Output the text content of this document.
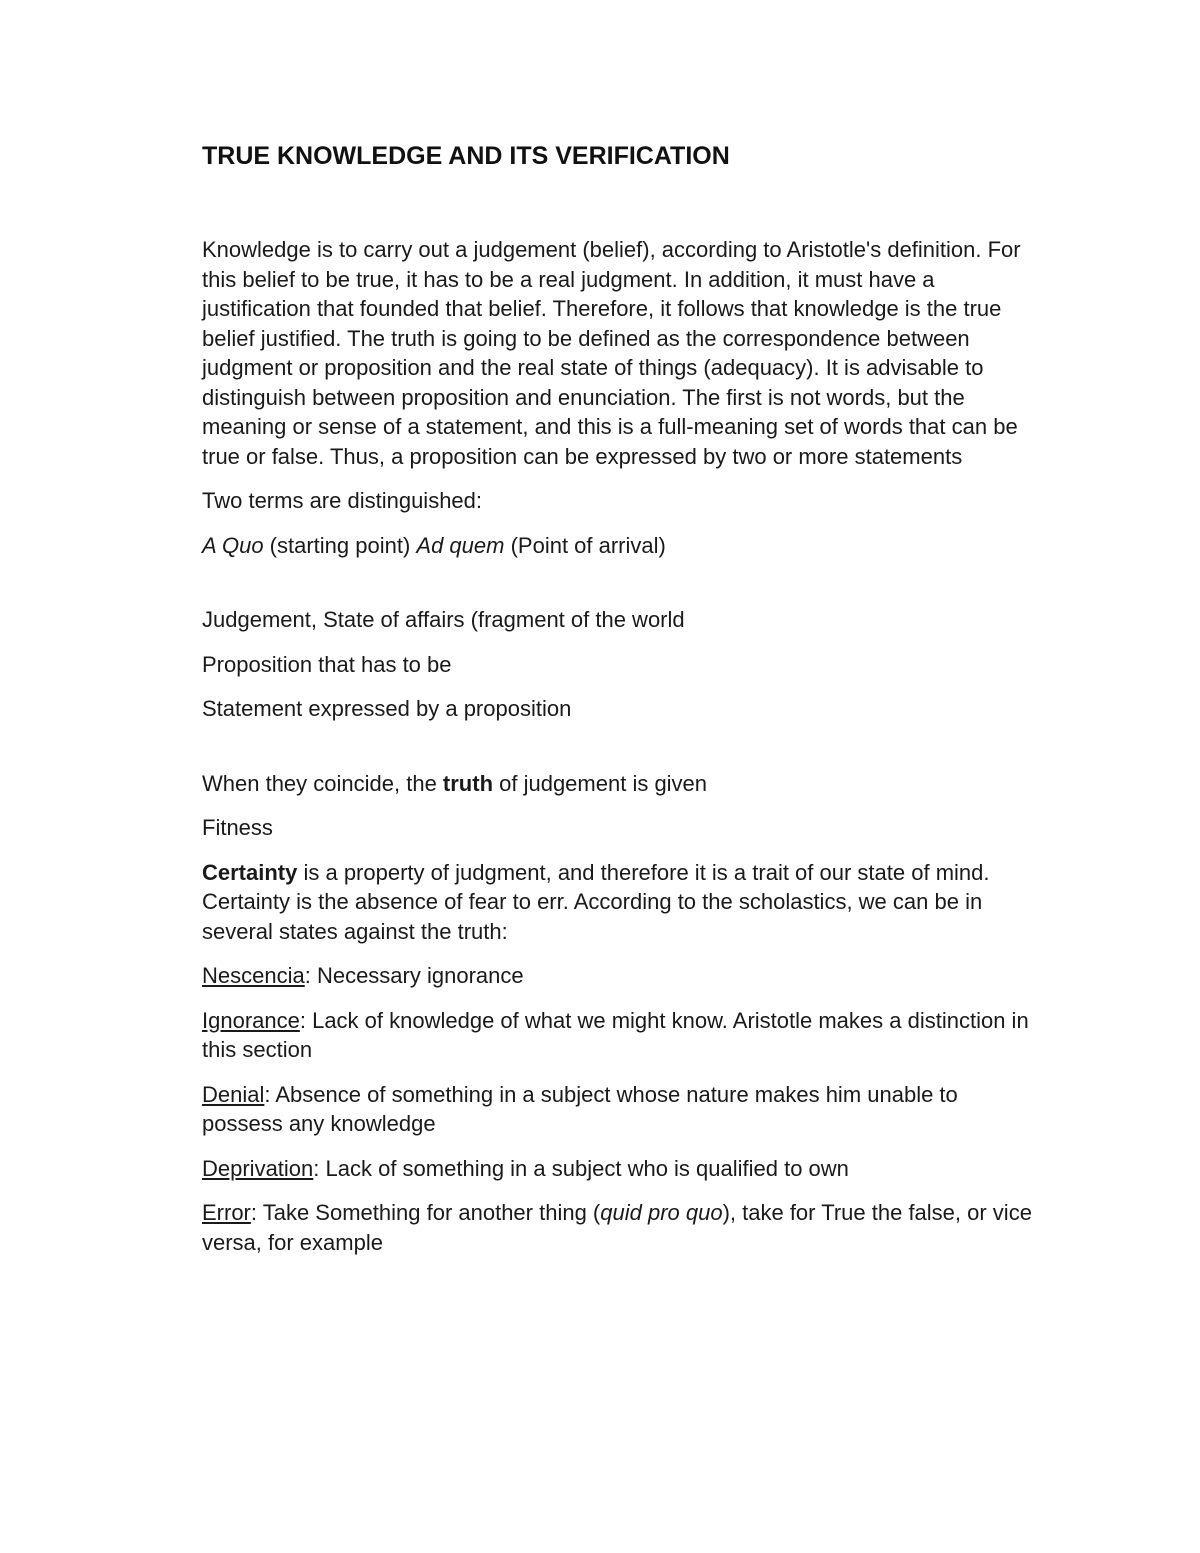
TRUE KNOWLEDGE AND ITS VERIFICATION

Knowledge is to carry out a judgement (belief), according to Aristotle's definition. For this belief to be true, it has to be a real judgment. In addition, it must have a justification that founded that belief. Therefore, it follows that knowledge is the true belief justified. The truth is going to be defined as the correspondence between judgment or proposition and the real state of things (adequacy). It is advisable to distinguish between proposition and enunciation. The first is not words, but the meaning or sense of a statement, and this is a full-meaning set of words that can be true or false. Thus, a proposition can be expressed by two or more statements

Two terms are distinguished:

A Quo (starting point) Ad quem (Point of arrival)

Judgement, State of affairs (fragment of the world

Proposition that has to be

Statement expressed by a proposition

When they coincide, the truth of judgement is given

Fitness

Certainty is a property of judgment, and therefore it is a trait of our state of mind. Certainty is the absence of fear to err. According to the scholastics, we can be in several states against the truth:

Nescencia: Necessary ignorance

Ignorance: Lack of knowledge of what we might know. Aristotle makes a distinction in this section

Denial: Absence of something in a subject whose nature makes him unable to possess any knowledge

Deprivation: Lack of something in a subject who is qualified to own

Error: Take Something for another thing (quid pro quo), take for True the false, or vice versa, for example
